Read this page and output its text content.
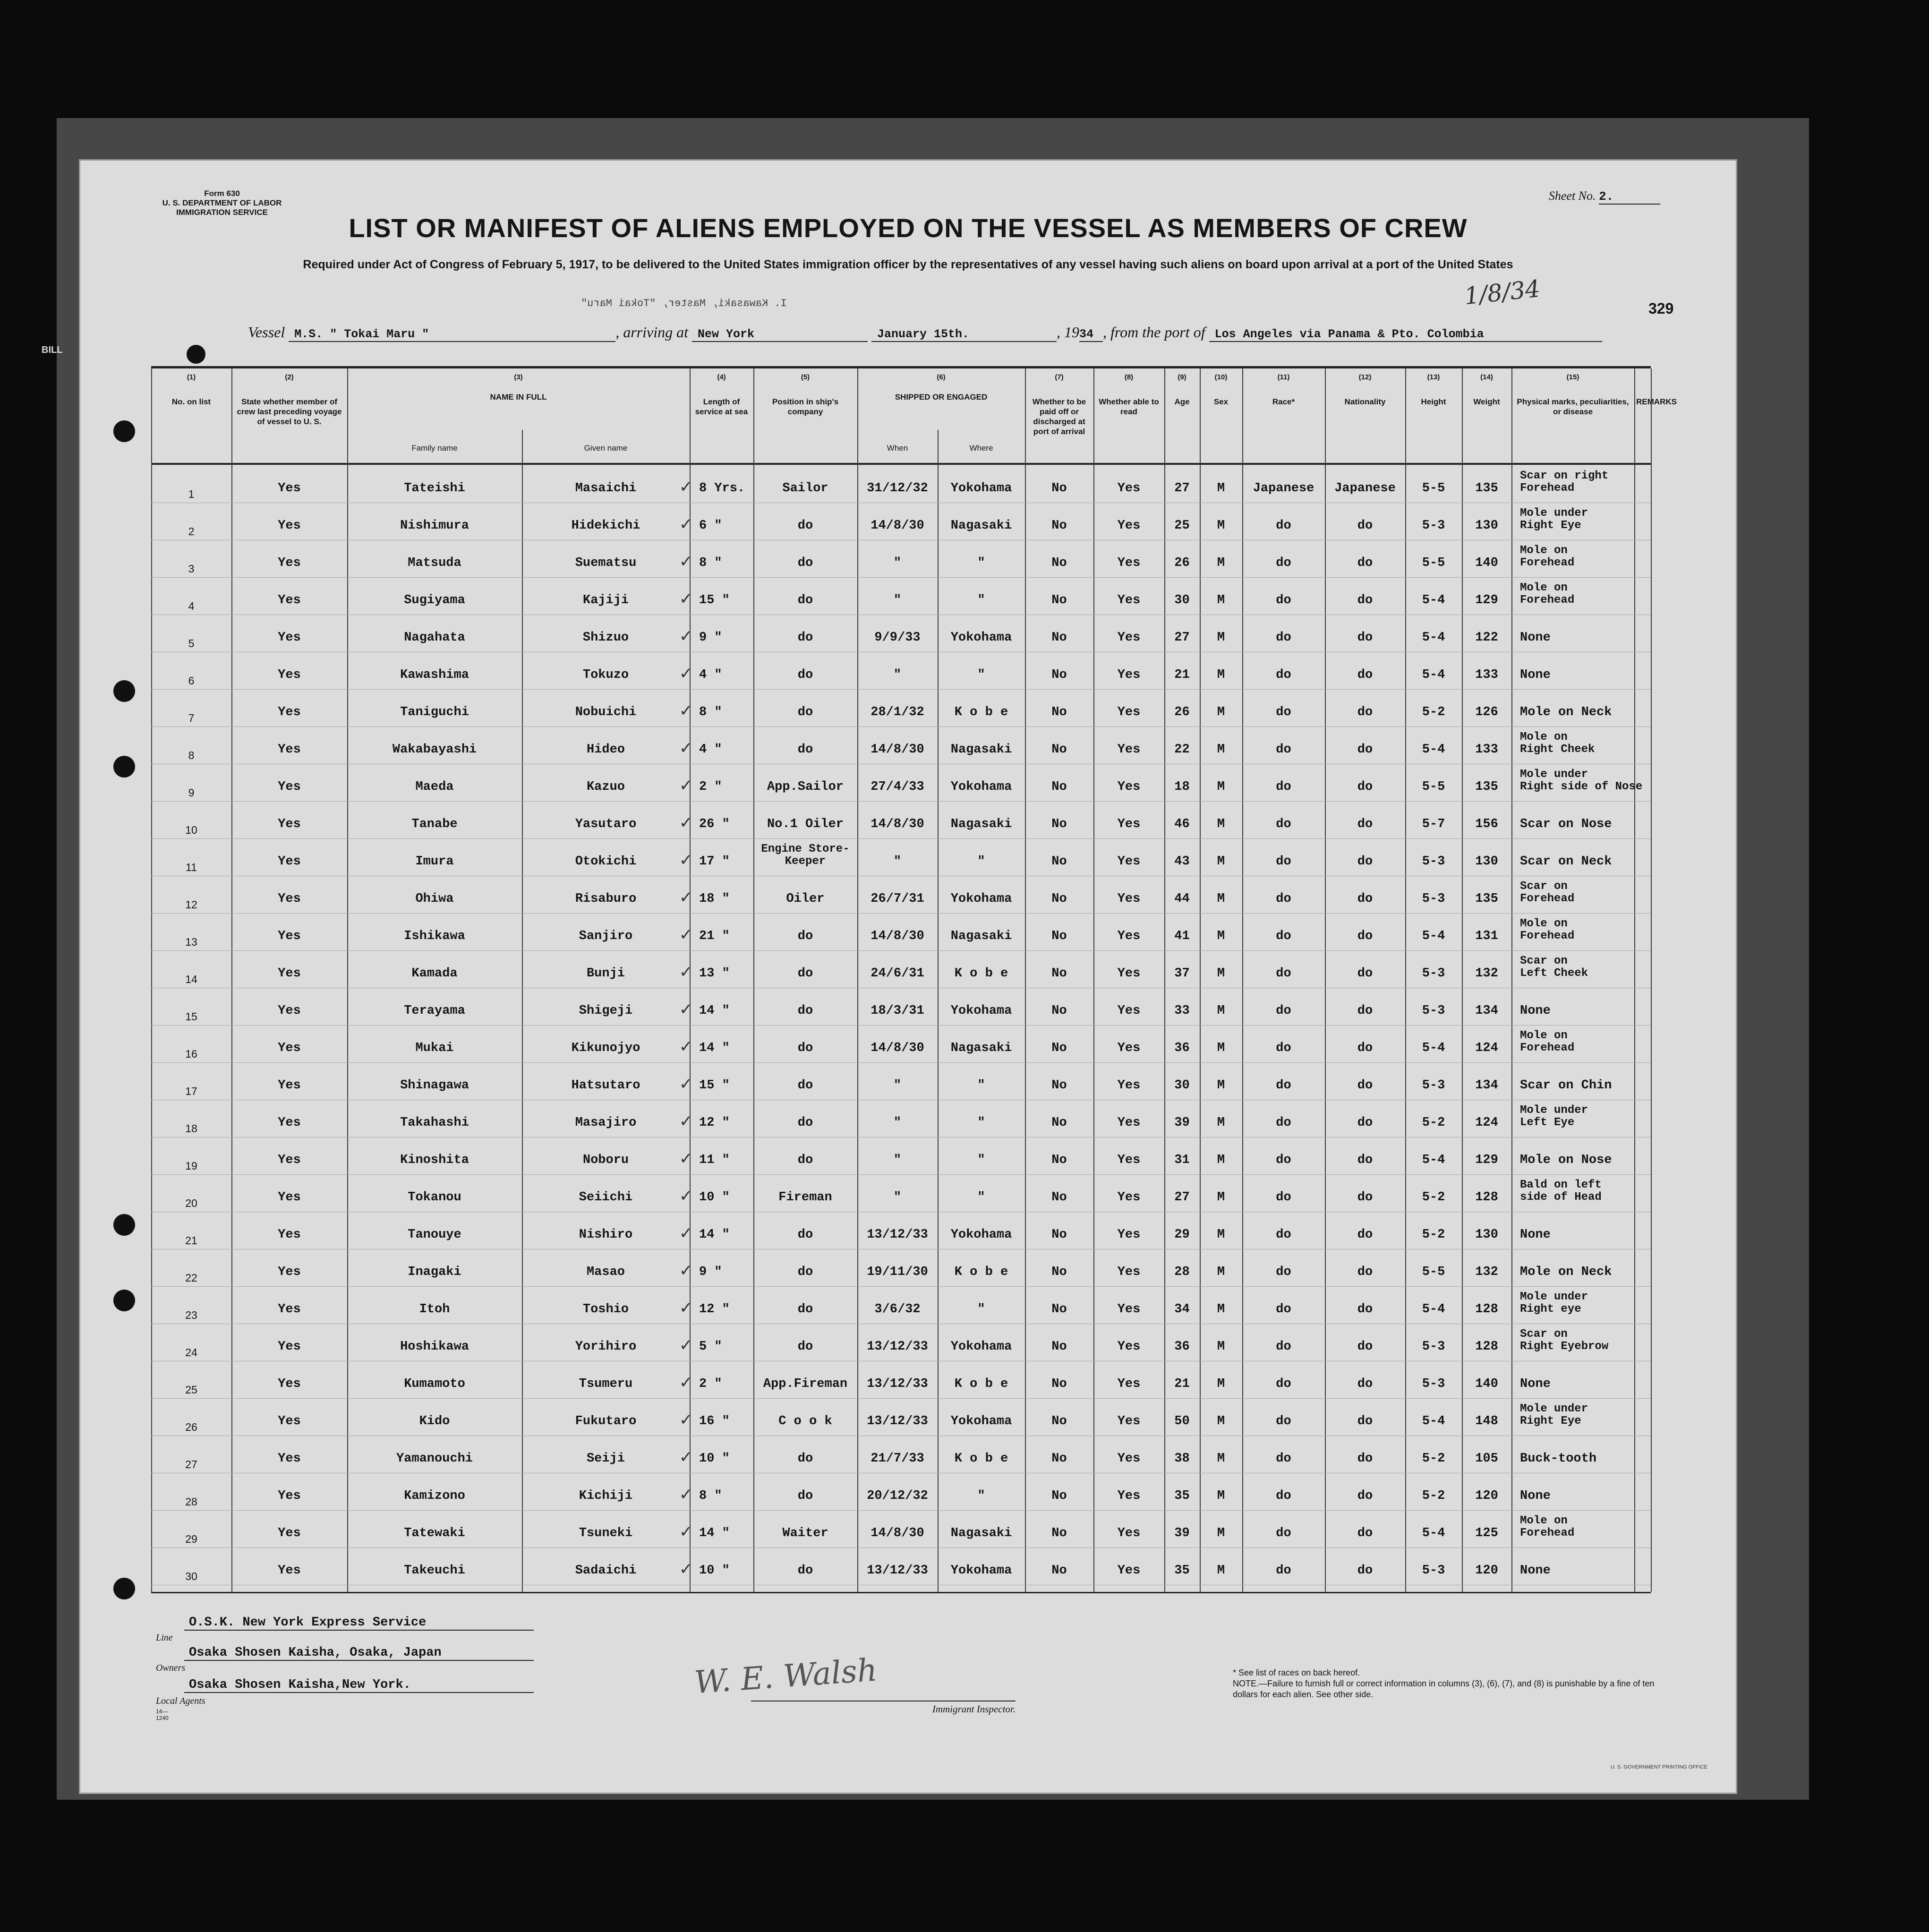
BILL
Form 630
U. S. DEPARTMENT OF LABOR
IMMIGRATION SERVICE
Sheet No. 2.
LIST OR MANIFEST OF ALIENS EMPLOYED ON THE VESSEL AS MEMBERS OF CREW
Required under Act of Congress of February 5, 1917, to be delivered to the United States immigration officer by the representatives of any vessel having such aliens on board upon arrival at a port of the United States
I. Kawasaki, Master, "Tokai Maru"	1/8/34	329
Vessel M.S. " Tokai Maru "	, arriving at New York	January 15th.	, 1934 , from the port of Los Angeles via Panama & Pto. Colombia
(1)
No. on list
(2)
State whether member of crew last preceding voyage of vessel to U. S.
(3)
NAME IN FULL
(4)
Length of service at sea
(5)
Position in ship's company
(6)
SHIPPED OR ENGAGED
(7)
Whether to be paid off or discharged at port of arrival
(8)
Whether able to read
(9)
Age
(10)
Sex
(11)
Race*
(12)
Nationality
(13)
Height
(14)
Weight
(15)
Physical marks, peculiarities, or disease
REMARKS
Family name	Given name	When	Where
✓
1	Yes	Tateishi	Masaichi	8 Yrs.	Sailor	31/12/32	Yokohama	No	Yes	27	M	Japanese	Japanese	5-5	135
Scar on right
Forehead
✓
2	Yes	Nishimura	Hidekichi	6 "	do	14/8/30	Nagasaki	No	Yes	25	M	do	do	5-3	130
Mole under
Right Eye
✓
3	Yes	Matsuda	Suematsu	8 "	do	"	"	No	Yes	26	M	do	do	5-5	140
Mole on
Forehead
✓
4	Yes	Sugiyama	Kajiji	15 "	do	"	"	No	Yes	30	M	do	do	5-4	129
Mole on
Forehead
✓
5	Yes	Nagahata	Shizuo	9 "	do	9/9/33	Yokohama	No	Yes	27	M	do	do	5-4	122	None
✓
6	Yes	Kawashima	Tokuzo	4 "	do	"	"	No	Yes	21	M	do	do	5-4	133	None
✓
7	Yes	Taniguchi	Nobuichi	8 "	do	28/1/32	K o b e	No	Yes	26	M	do	do	5-2	126	Mole on Neck
✓
8	Yes	Wakabayashi	Hideo	4 "	do	14/8/30	Nagasaki	No	Yes	22	M	do	do	5-4	133
Mole on
Right Cheek
✓
9	Yes	Maeda	Kazuo	2 "	App.Sailor	27/4/33	Yokohama	No	Yes	18	M	do	do	5-5	135
Mole under
Right side of Nose
✓
10	Yes	Tanabe	Yasutaro	26 "	No.1 Oiler	14/8/30	Nagasaki	No	Yes	46	M	do	do	5-7	156	Scar on Nose
✓
11	Yes	Imura	Otokichi	17 "
Engine Store-
Keeper	"	"	No	Yes	43	M	do	do	5-3	130	Scar on Neck
✓
12	Yes	Ohiwa	Risaburo	18 "	Oiler	26/7/31	Yokohama	No	Yes	44	M	do	do	5-3	135
Scar on
Forehead
✓
13	Yes	Ishikawa	Sanjiro	21 "	do	14/8/30	Nagasaki	No	Yes	41	M	do	do	5-4	131
Mole on
Forehead
✓
14	Yes	Kamada	Bunji	13 "	do	24/6/31	K o b e	No	Yes	37	M	do	do	5-3	132
Scar on
Left Cheek
✓
15	Yes	Terayama	Shigeji	14 "	do	18/3/31	Yokohama	No	Yes	33	M	do	do	5-3	134	None
✓
16	Yes	Mukai	Kikunojyo	14 "	do	14/8/30	Nagasaki	No	Yes	36	M	do	do	5-4	124
Mole on
Forehead
✓
17	Yes	Shinagawa	Hatsutaro	15 "	do	"	"	No	Yes	30	M	do	do	5-3	134	Scar on Chin
✓
18	Yes	Takahashi	Masajiro	12 "	do	"	"	No	Yes	39	M	do	do	5-2	124
Mole under
Left Eye
✓
19	Yes	Kinoshita	Noboru	11 "	do	"	"	No	Yes	31	M	do	do	5-4	129	Mole on Nose
✓
20	Yes	Tokanou	Seiichi	10 "	Fireman	"	"	No	Yes	27	M	do	do	5-2	128
Bald on left
side of Head
✓
21	Yes	Tanouye	Nishiro	14 "	do	13/12/33	Yokohama	No	Yes	29	M	do	do	5-2	130	None
✓
22	Yes	Inagaki	Masao	9 "	do	19/11/30	K o b e	No	Yes	28	M	do	do	5-5	132	Mole on Neck
✓
23	Yes	Itoh	Toshio	12 "	do	3/6/32	"	No	Yes	34	M	do	do	5-4	128
Mole under
Right eye
✓
24	Yes	Hoshikawa	Yorihiro	5 "	do	13/12/33	Yokohama	No	Yes	36	M	do	do	5-3	128
Scar on
Right Eyebrow
✓
25	Yes	Kumamoto	Tsumeru	2 "	App.Fireman	13/12/33	K o b e	No	Yes	21	M	do	do	5-3	140	None
✓
26	Yes	Kido	Fukutaro	16 "	C o o k	13/12/33	Yokohama	No	Yes	50	M	do	do	5-4	148
Mole under
Right Eye
✓
27	Yes	Yamanouchi	Seiji	10 "	do	21/7/33	K o b e	No	Yes	38	M	do	do	5-2	105	Buck-tooth
✓
28	Yes	Kamizono	Kichiji	8 "	do	20/12/32	"	No	Yes	35	M	do	do	5-2	120	None
✓
29	Yes	Tatewaki	Tsuneki	14 "	Waiter	14/8/30	Nagasaki	No	Yes	39	M	do	do	5-4	125
Mole on
Forehead
✓
30	Yes	Takeuchi	Sadaichi	10 "	do	13/12/33	Yokohama	No	Yes	35	M	do	do	5-3	120	None
O.S.K. New York Express Service
Line
Osaka Shosen Kaisha, Osaka, Japan
Owners
Osaka Shosen Kaisha,New York.
Local Agents
14—1240
W. E. Walsh
Immigrant Inspector.
* See list of races on back hereof.
NOTE.—Failure to furnish full or correct information in columns (3), (6), (7), and (8) is punishable by a fine of ten dollars for each alien. See other side.
U. S. GOVERNMENT PRINTING OFFICE
